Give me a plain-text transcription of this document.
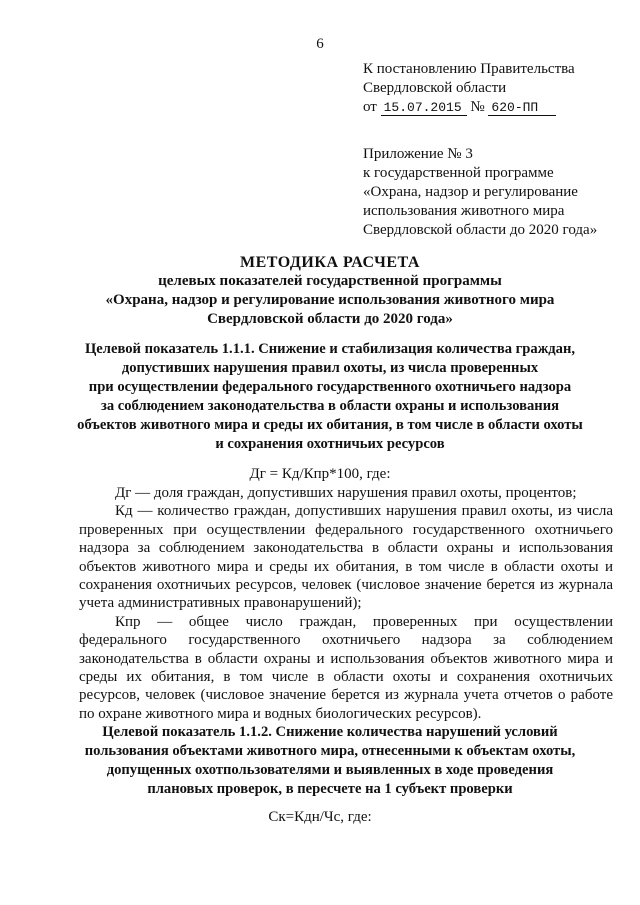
6
К постановлению Правительства
Свердловской области
от 15.07.2015 № 620-ПП
Приложение № 3
к государственной программе
«Охрана, надзор и регулирование
использования животного мира
Свердловской области до 2020 года»
МЕТОДИКА РАСЧЕТА
целевых показателей государственной программы
«Охрана, надзор и регулирование использования животного мира
Свердловской области до 2020 года»
Целевой показатель 1.1.1. Снижение и стабилизация количества граждан,
допустивших нарушения правил охоты, из числа проверенных
при осуществлении федерального государственного охотничьего надзора
за соблюдением законодательства в области охраны и использования
объектов животного мира и среды их обитания, в том числе в области охоты
и сохранения охотничьих ресурсов
Дг = Кд/Кпр*100, где:

Дг — доля граждан, допустивших нарушения правил охоты, процентов;

Кд — количество граждан, допустивших нарушения правил охоты, из числа проверенных при осуществлении федерального государственного охотничьего надзора за соблюдением законодательства в области охраны и использования объектов животного мира и среды их обитания, в том числе в области охоты и сохранения охотничьих ресурсов, человек (числовое значение берется из журнала учета административных правонарушений);

Кпр — общее число граждан, проверенных при осуществлении федерального государственного охотничьего надзора за соблюдением законодательства в области охраны и использования объектов животного мира и среды их обитания, в том числе в области охоты и сохранения охотничьих ресурсов, человек (числовое значение берется из журнала учета отчетов о работе по охране животного мира и водных биологических ресурсов).

Целевой показатель 1.1.2. Снижение количества нарушений условий
пользования объектами животного мира, отнесенными к объектам охоты,
допущенных охотпользователями и выявленных в ходе проведения
плановых проверок, в пересчете на 1 субъект проверки
Ск=Кдн/Чс, где:
